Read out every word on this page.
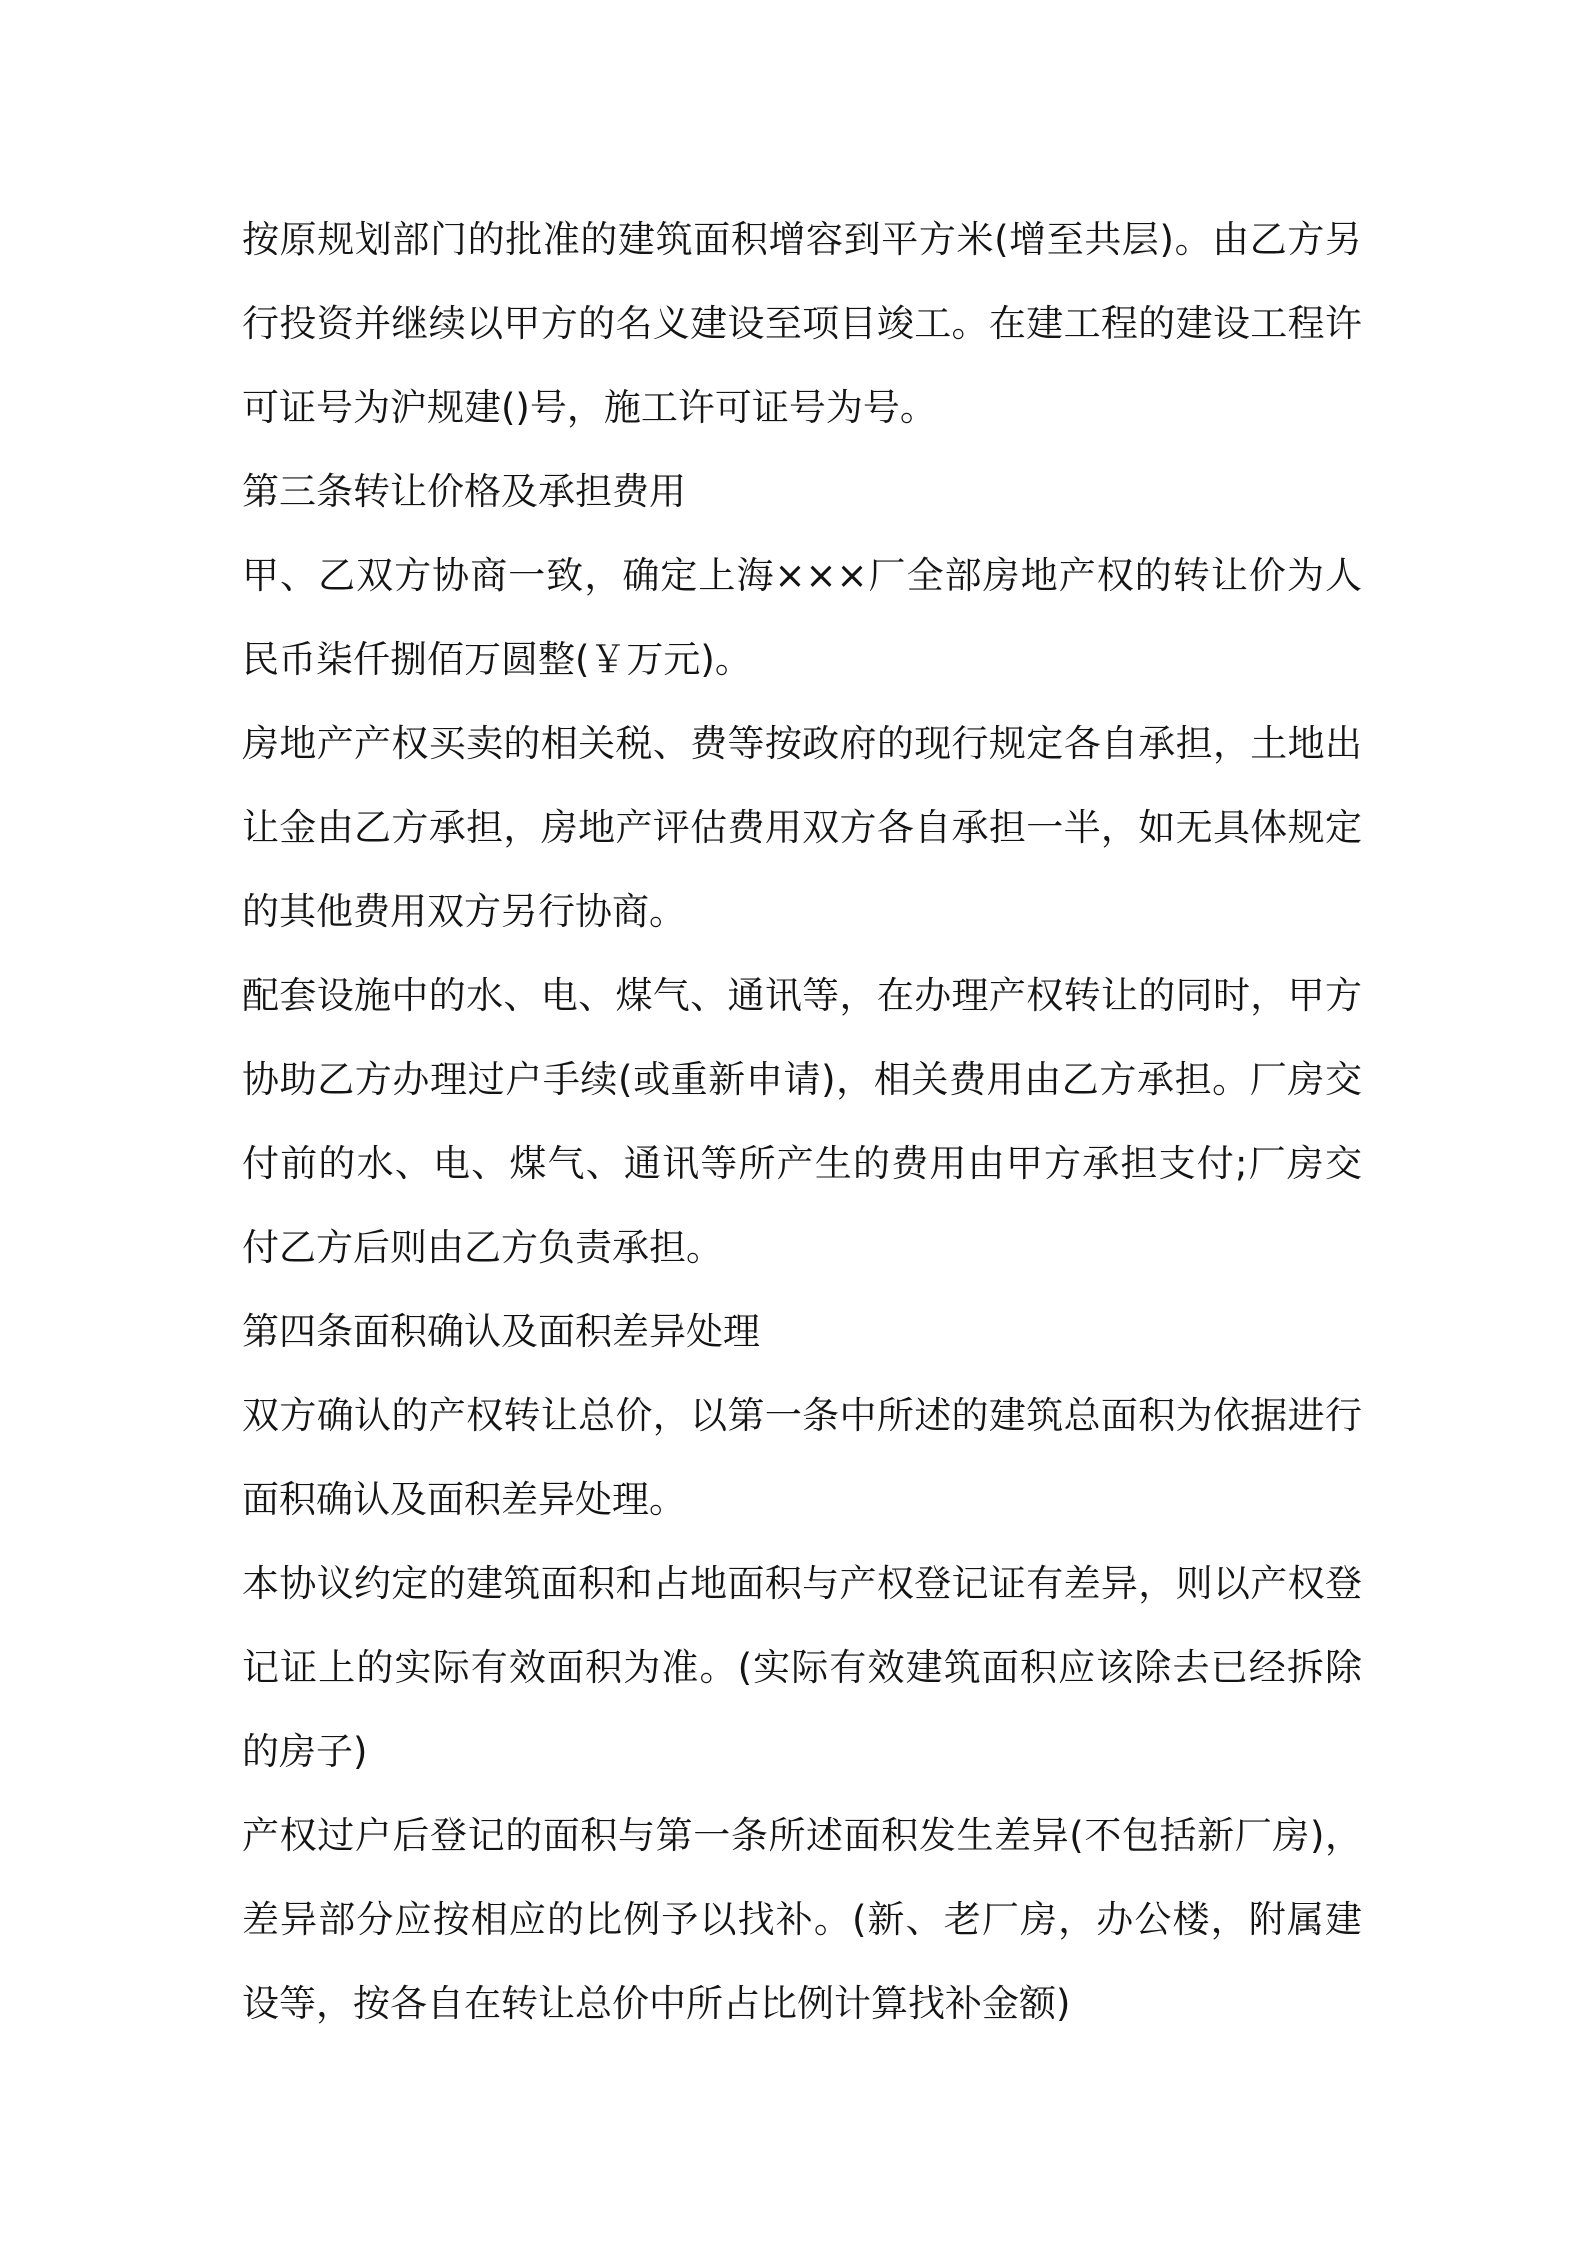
按原规划部门的批准的建筑面积增容到平方米(增至共层)。由乙方另
行投资并继续以甲方的名义建设至项目竣工。在建工程的建设工程许
可证号为沪规建()号，施工许可证号为号。
第三条转让价格及承担费用
甲、乙双方协商一致，确定上海×××厂全部房地产权的转让价为人
民币柒仟捌佰万圆整(￥万元)。
房地产产权买卖的相关税、费等按政府的现行规定各自承担，土地出
让金由乙方承担，房地产评估费用双方各自承担一半，如无具体规定
的其他费用双方另行协商。
配套设施中的水、电、煤气、通讯等，在办理产权转让的同时，甲方
协助乙方办理过户手续(或重新申请)，相关费用由乙方承担。厂房交
付前的水、电、煤气、通讯等所产生的费用由甲方承担支付;厂房交
付乙方后则由乙方负责承担。
第四条面积确认及面积差异处理
双方确认的产权转让总价，以第一条中所述的建筑总面积为依据进行
面积确认及面积差异处理。
本协议约定的建筑面积和占地面积与产权登记证有差异，则以产权登
记证上的实际有效面积为准。(实际有效建筑面积应该除去已经拆除
的房子)
产权过户后登记的面积与第一条所述面积发生差异(不包括新厂房)，
差异部分应按相应的比例予以找补。(新、老厂房，办公楼，附属建
设等，按各自在转让总价中所占比例计算找补金额)
